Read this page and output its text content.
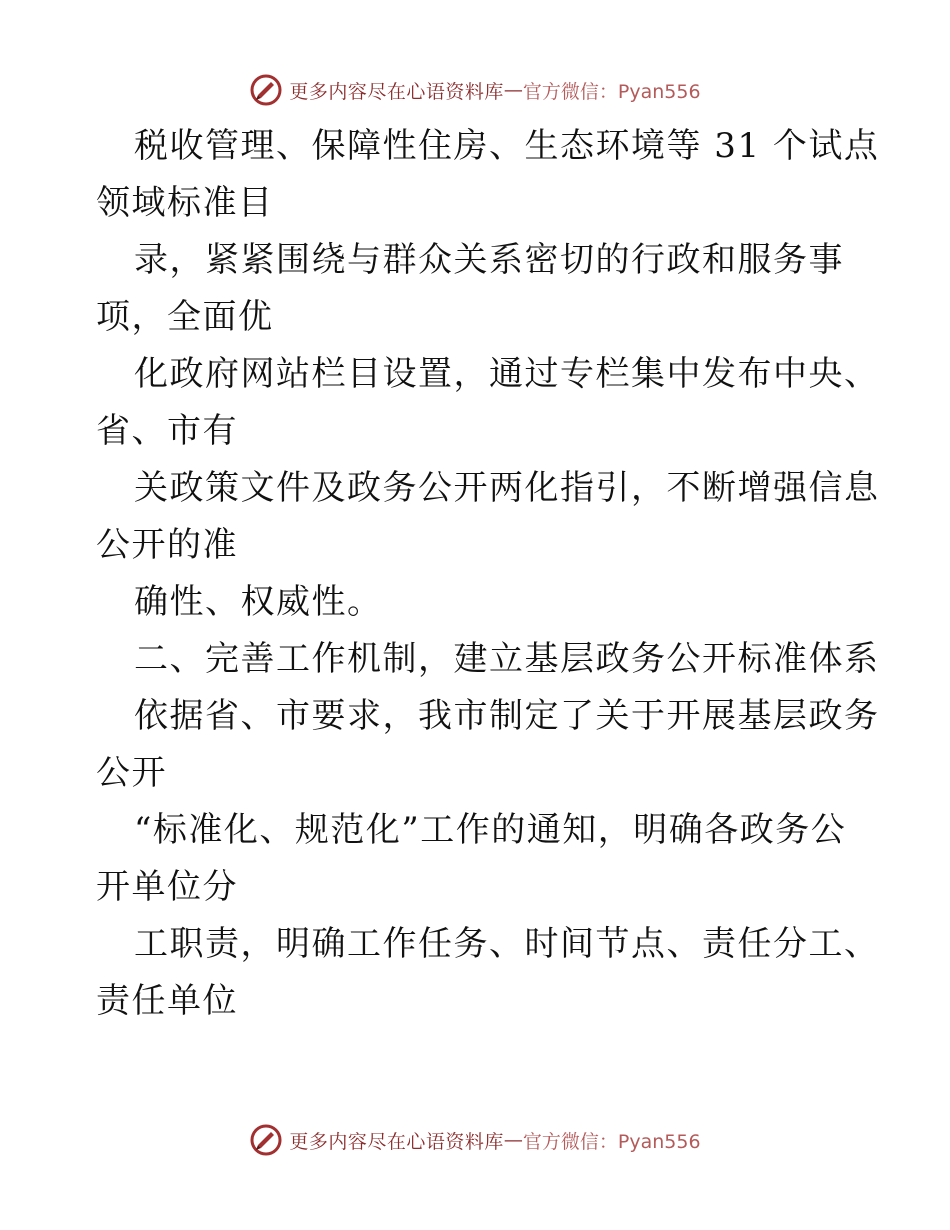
更多内容尽在心语资料库 — 官方微信：Pyan556

税收管理、保障性住房、生态环境等 31 个试点

领域标准目

录，紧紧围绕与群众关系密切的行政和服务事

项，全面优

化政府网站栏目设置，通过专栏集中发布中央、

省、市有

关政策文件及政务公开两化指引，不断增强信息

公开的准

确性、权威性。

二、完善工作机制，建立基层政务公开标准体系

依据省、市要求，我市制定了关于开展基层政务

公开

“标准化、规范化”工作的通知，明确各政务公

开单位分

工职责，明确工作任务、时间节点、责任分工、

责任单位

更多内容尽在心语资料库 — 官方微信：Pyan556
